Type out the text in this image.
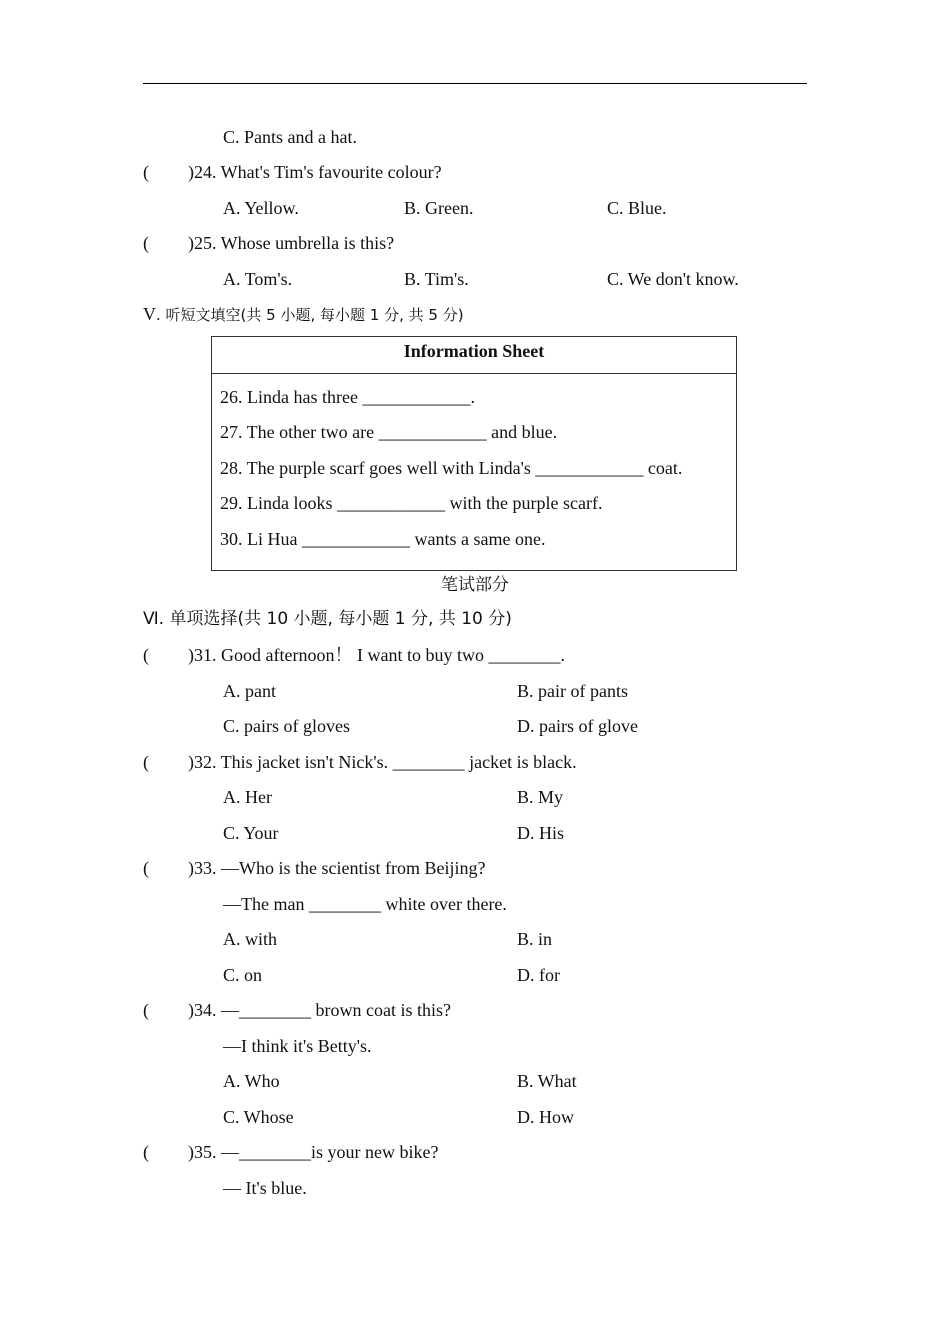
C. Pants and a hat.
( )24. What's Tim's favourite colour?
A. Yellow.	B. Green.	C. Blue.
( )25. Whose umbrella is this?
A. Tom's.	B. Tim's.	C. We don't know.
V. 听短文填空(共 5 小题, 每小题 1 分, 共 5 分)
Information Sheet
26. Linda has three ____________.
27. The other two are ____________ and blue.
28. The purple scarf goes well with Linda's ____________ coat.
29. Linda looks ____________ with the purple scarf.
30. Li Hua ____________ wants a same one.
笔试部分
Ⅵ. 单项选择(共 10 小题, 每小题 1 分, 共 10 分)
( )31. Good afternoon！ I want to buy two ________.
A. pant	B. pair of pants
C. pairs of gloves	D. pairs of glove
( )32. This jacket isn't Nick's. ________ jacket is black.
A. Her	B. My
C. Your	D. His
( )33. —Who is the scientist from Beijing?
—The man ________ white over there.
A. with	B. in
C. on	D. for
( )34. —________ brown coat is this?
—I think it's Betty's.
A. Who	B. What
C. Whose	D. How
( )35. —________is your new bike?
— It's blue.
